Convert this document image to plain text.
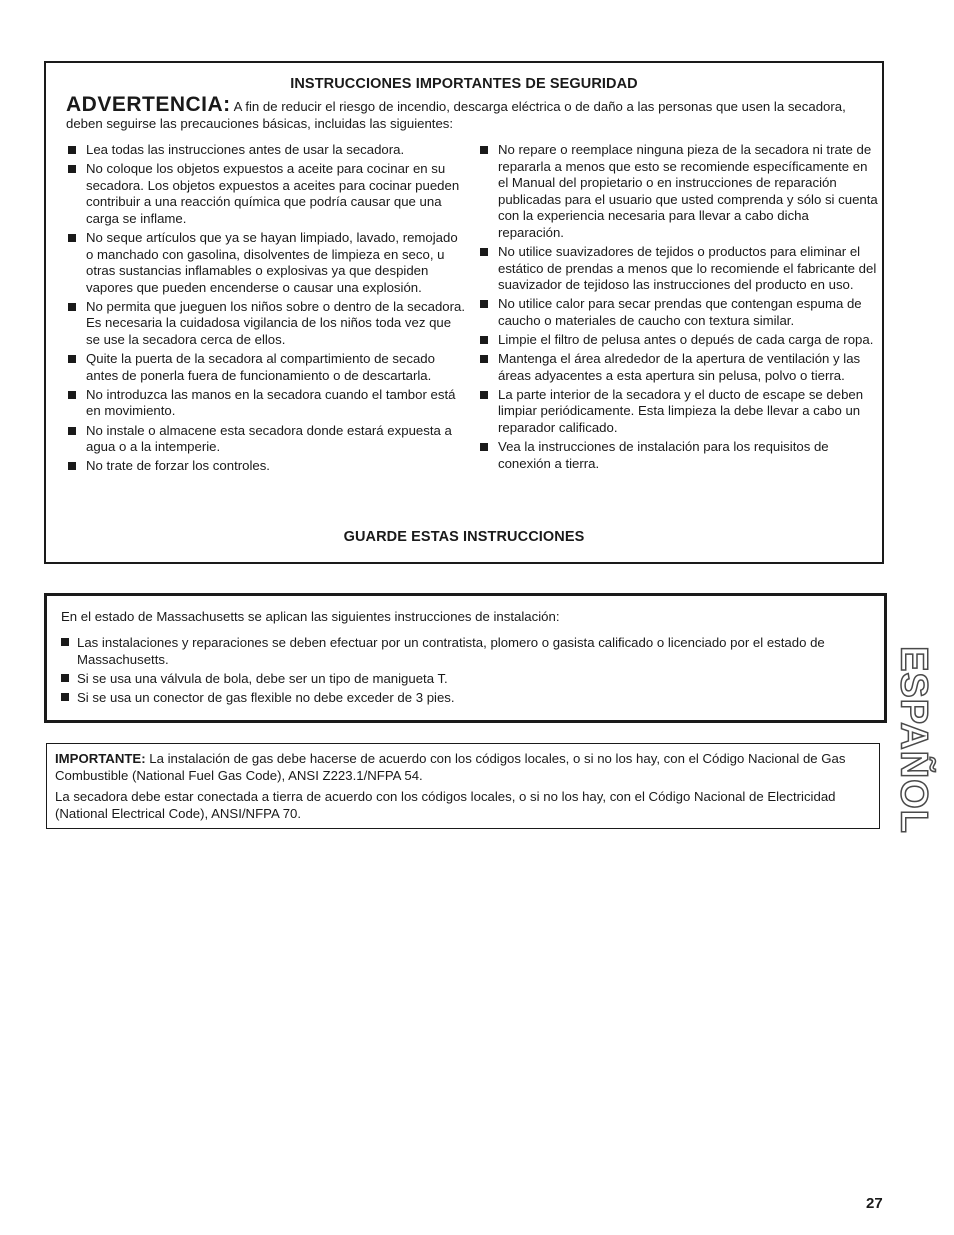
INSTRUCCIONES IMPORTANTES DE SEGURIDAD
ADVERTENCIA: A fin de reducir el riesgo de incendio, descarga eléctrica o de daño a las personas que usen la secadora, deben seguirse las precauciones básicas, incluidas las siguientes:
Lea todas las instrucciones antes de usar la secadora.
No coloque los objetos expuestos a aceite para cocinar en su secadora. Los objetos expuestos a aceites para cocinar pueden contribuir a una reacción química que podría causar que una carga se inflame.
No seque artículos que ya se hayan limpiado, lavado, remojado o manchado con gasolina, disolventes de limpieza en seco, u otras sustancias inflamables o explosivas ya que despiden vapores que pueden encenderse o causar una explosión.
No permita que jueguen los niños sobre o dentro de la secadora. Es necesaria la cuidadosa vigilancia de los niños toda vez que se use la secadora cerca de ellos.
Quite la puerta de la secadora al compartimiento de secado antes de ponerla fuera de funcionamiento o de descartarla.
No introduzca las manos en la secadora cuando el tambor está en movimiento.
No instale o almacene esta secadora donde estará expuesta a agua o a la intemperie.
No trate de forzar los controles.
No repare o reemplace ninguna pieza de la secadora ni trate de repararla a menos que esto se recomiende específicamente en el Manual del propietario o en instrucciones de reparación publicadas para el usuario que usted comprenda y sólo si cuenta con la experiencia necesaria para llevar a cabo dicha reparación.
No utilice suavizadores de tejidos o productos para eliminar el estático de prendas a menos que lo recomiende el fabricante del suavizador de tejidoso las instrucciones del producto en uso.
No utilice calor para secar prendas que contengan espuma de caucho o materiales de caucho con textura similar.
Limpie el filtro de pelusa antes o depués de cada carga de ropa.
Mantenga el área alrededor de la apertura de ventilación y las áreas adyacentes a esta apertura sin pelusa, polvo o tierra.
La parte interior de la secadora y el ducto de escape se deben limpiar periódicamente. Esta limpieza la debe llevar a cabo un reparador calificado.
Vea la instrucciones de instalación para los requisitos de conexión a tierra.
GUARDE ESTAS INSTRUCCIONES
En el estado de Massachusetts se aplican las siguientes instrucciones de instalación:
Las instalaciones y reparaciones se deben efectuar por un contratista, plomero o gasista calificado o licenciado por el estado de Massachusetts.
Si se usa una válvula de bola, debe ser un tipo de manigueta T.
Si se usa un conector de gas flexible no debe exceder de 3 pies.
IMPORTANTE: La instalación de gas debe hacerse de acuerdo con los códigos locales, o si no los hay, con el Código Nacional de Gas Combustible (National Fuel Gas Code), ANSI Z223.1/NFPA 54.
La secadora debe estar conectada a tierra de acuerdo con los códigos locales, o si no los hay, con el Código Nacional de Electricidad (National Electrical Code), ANSI/NFPA 70.	ESPAÑOL
27
